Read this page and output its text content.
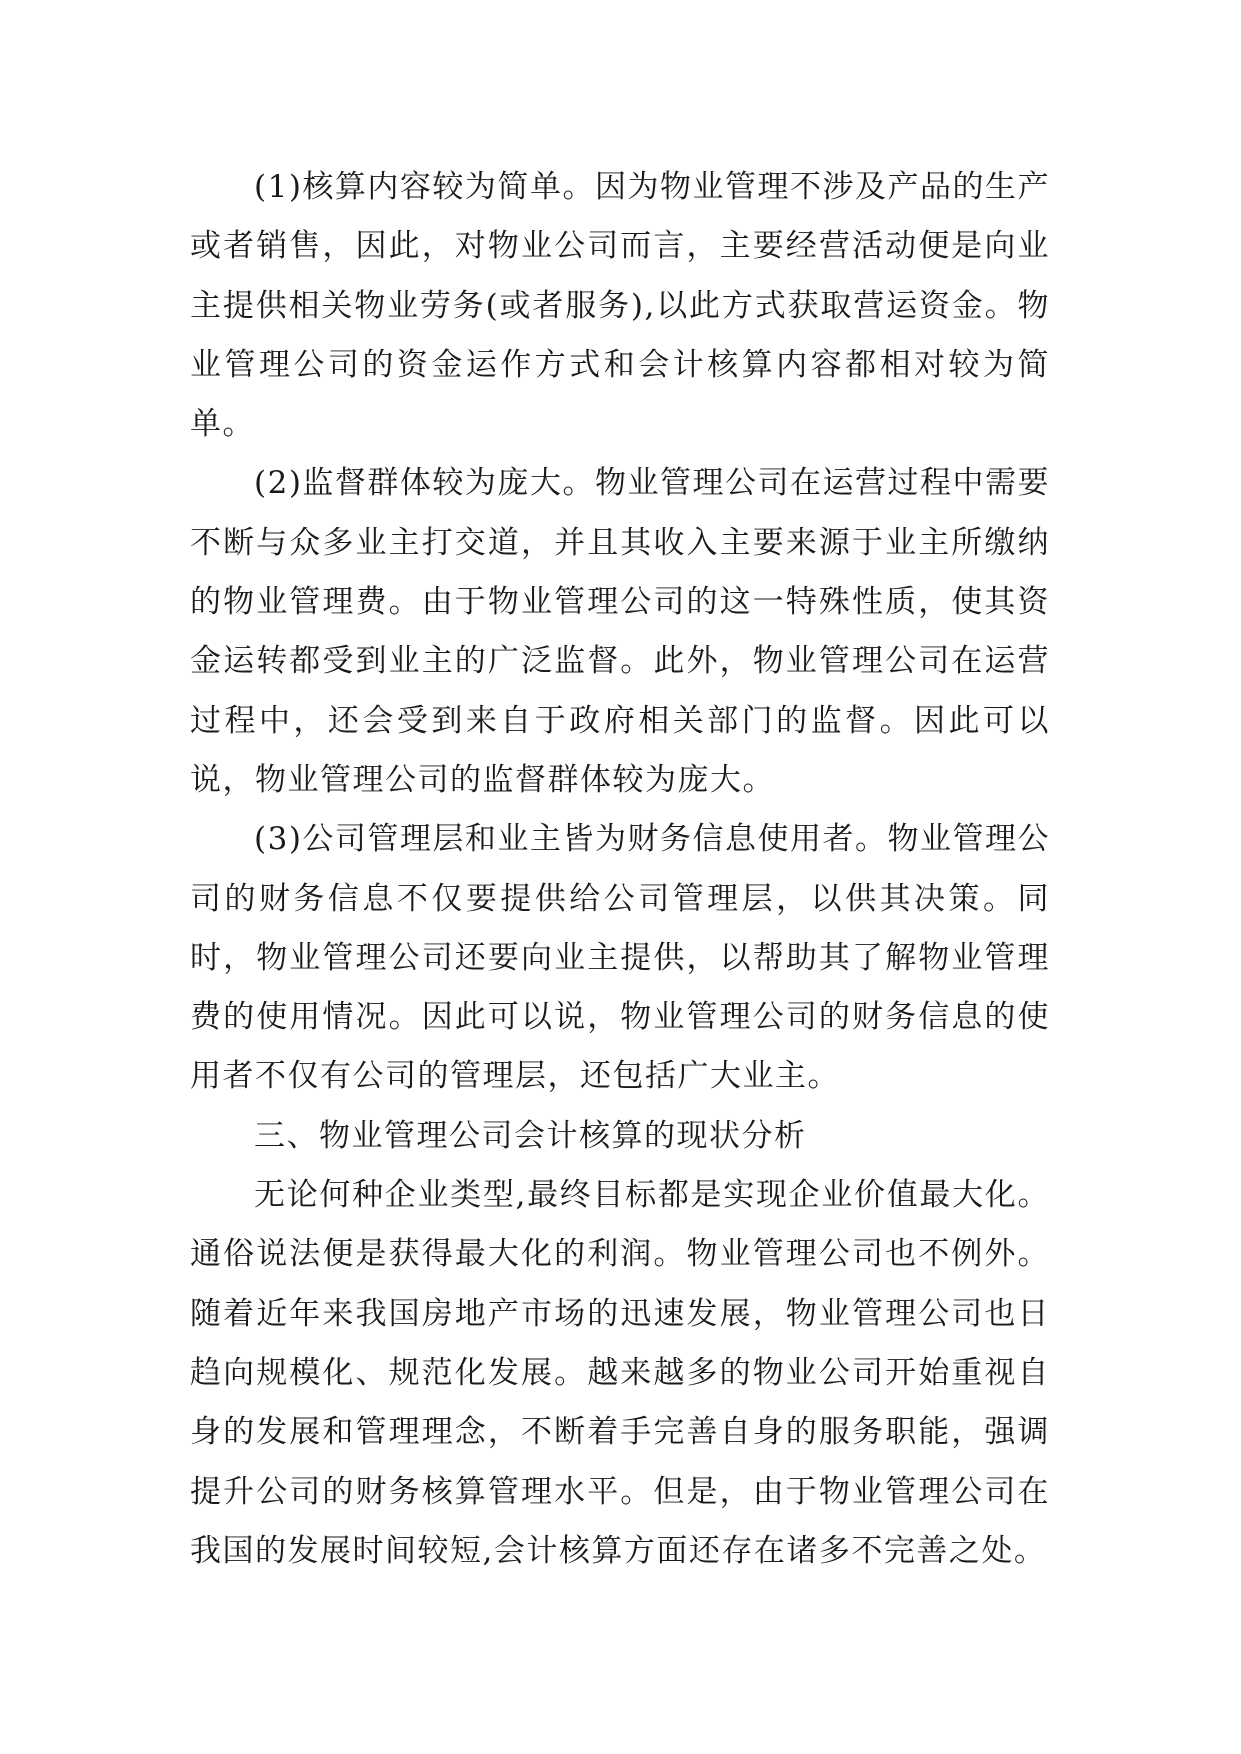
(1)核算内容较为简单。因为物业管理不涉及产品的生产或者销售，因此，对物业公司而言，主要经营活动便是向业主提供相关物业劳务(或者服务),以此方式获取营运资金。物业管理公司的资金运作方式和会计核算内容都相对较为简单。

(2)监督群体较为庞大。物业管理公司在运营过程中需要不断与众多业主打交道，并且其收入主要来源于业主所缴纳的物业管理费。由于物业管理公司的这一特殊性质，使其资金运转都受到业主的广泛监督。此外，物业管理公司在运营过程中，还会受到来自于政府相关部门的监督。因此可以说，物业管理公司的监督群体较为庞大。

(3)公司管理层和业主皆为财务信息使用者。物业管理公司的财务信息不仅要提供给公司管理层，以供其决策。同时，物业管理公司还要向业主提供，以帮助其了解物业管理费的使用情况。因此可以说，物业管理公司的财务信息的使用者不仅有公司的管理层，还包括广大业主。

三、物业管理公司会计核算的现状分析

无论何种企业类型,最终目标都是实现企业价值最大化。通俗说法便是获得最大化的利润。物业管理公司也不例外。随着近年来我国房地产市场的迅速发展，物业管理公司也日趋向规模化、规范化发展。越来越多的物业公司开始重视自身的发展和管理理念，不断着手完善自身的服务职能，强调提升公司的财务核算管理水平。但是，由于物业管理公司在我国的发展时间较短,会计核算方面还存在诸多不完善之处。
